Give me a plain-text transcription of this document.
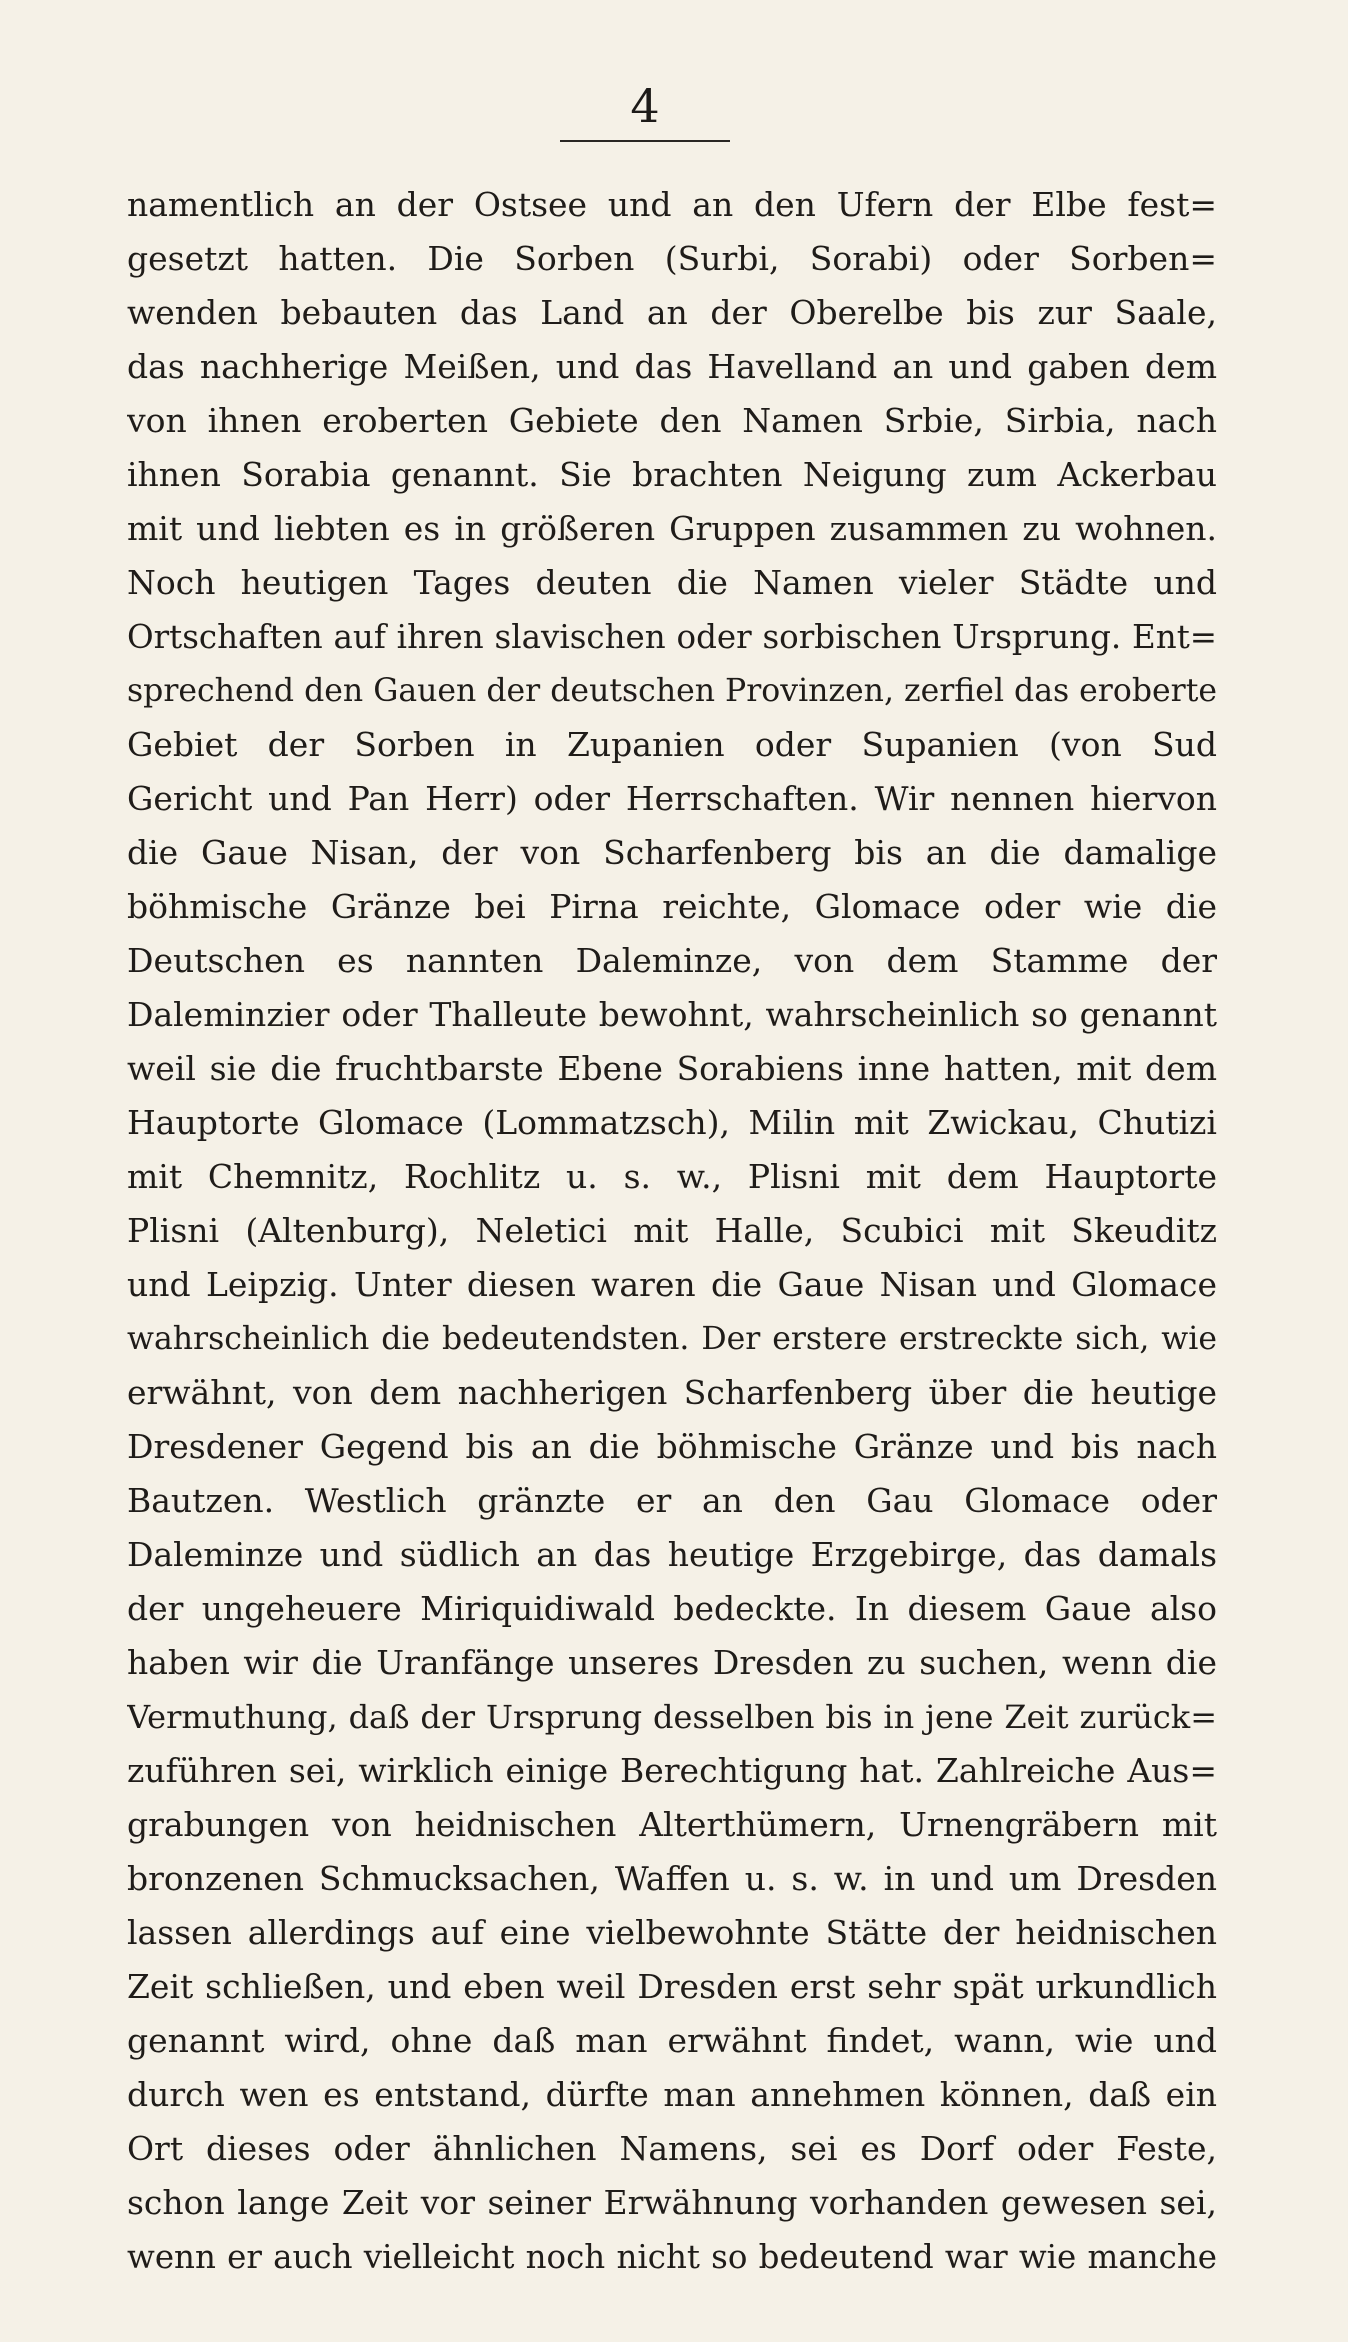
4
namentlich an der Ostsee und an den Ufern der Elbe fest=
gesetzt hatten. Die Sorben (Surbi, Sorabi) oder Sorben=
wenden bebauten das Land an der Oberelbe bis zur Saale,
das nachherige Meißen, und das Havelland an und gaben dem
von ihnen eroberten Gebiete den Namen Srbie, Sirbia, nach
ihnen Sorabia genannt. Sie brachten Neigung zum Ackerbau
mit und liebten es in größeren Gruppen zusammen zu wohnen.
Noch heutigen Tages deuten die Namen vieler Städte und
Ortschaften auf ihren slavischen oder sorbischen Ursprung. Ent=
sprechend den Gauen der deutschen Provinzen, zerfiel das eroberte
Gebiet der Sorben in Zupanien oder Supanien (von Sud
Gericht und Pan Herr) oder Herrschaften. Wir nennen hiervon
die Gaue Nisan, der von Scharfenberg bis an die damalige
böhmische Gränze bei Pirna reichte, Glomace oder wie die
Deutschen es nannten Daleminze, von dem Stamme der
Daleminzier oder Thalleute bewohnt, wahrscheinlich so genannt
weil sie die fruchtbarste Ebene Sorabiens inne hatten, mit dem
Hauptorte Glomace (Lommatzsch), Milin mit Zwickau, Chutizi
mit Chemnitz, Rochlitz u. s. w., Plisni mit dem Hauptorte
Plisni (Altenburg), Neletici mit Halle, Scubici mit Skeuditz
und Leipzig. Unter diesen waren die Gaue Nisan und Glomace
wahrscheinlich die bedeutendsten. Der erstere erstreckte sich, wie
erwähnt, von dem nachherigen Scharfenberg über die heutige
Dresdener Gegend bis an die böhmische Gränze und bis nach
Bautzen. Westlich gränzte er an den Gau Glomace oder
Daleminze und südlich an das heutige Erzgebirge, das damals
der ungeheuere Miriquidiwald bedeckte. In diesem Gaue also
haben wir die Uranfänge unseres Dresden zu suchen, wenn die
Vermuthung, daß der Ursprung desselben bis in jene Zeit zurück=
zuführen sei, wirklich einige Berechtigung hat. Zahlreiche Aus=
grabungen von heidnischen Alterthümern, Urnengräbern mit
bronzenen Schmucksachen, Waffen u. s. w. in und um Dresden
lassen allerdings auf eine vielbewohnte Stätte der heidnischen
Zeit schließen, und eben weil Dresden erst sehr spät urkundlich
genannt wird, ohne daß man erwähnt findet, wann, wie und
durch wen es entstand, dürfte man annehmen können, daß ein
Ort dieses oder ähnlichen Namens, sei es Dorf oder Feste,
schon lange Zeit vor seiner Erwähnung vorhanden gewesen sei,
wenn er auch vielleicht noch nicht so bedeutend war wie manche
